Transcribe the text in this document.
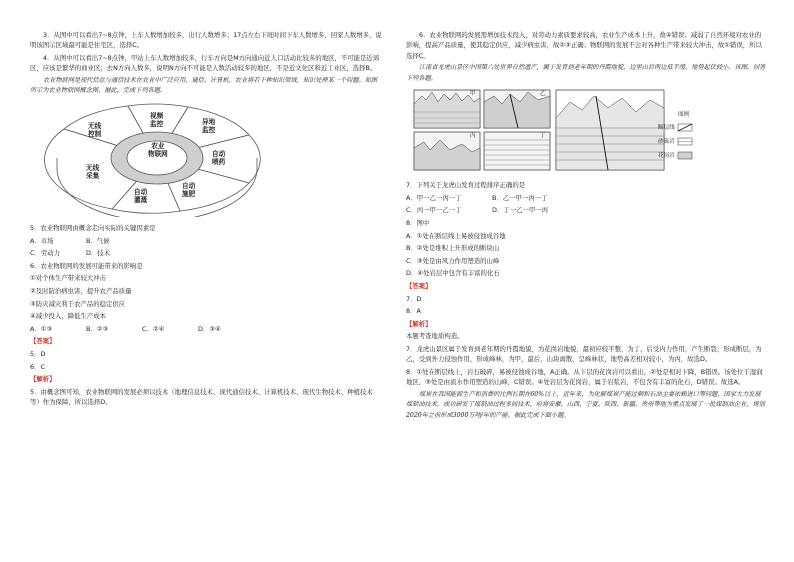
3．从图中可以看出7~8点钟，上车人数增加较多，出行人数增多；17点左右下班时间下车人数增多，回家人数增多，说明该图示区域最可能是住宅区，选择C。

4．从图中可以看出7~8点钟，甲站上车人数增加较多，行车方向是M方向通向近人口活动比较多的地区，不可能是近郊区，应该是繁华的商业区；去N方向人数多，说明N方向不可能是人数活动较多的地区，不是近文化区和近工业区，选择B。

农业物联网是现代信息与通信技术在农业中广泛应用，通信、计算机、农业将若干种知识领域、知识处理某一个问题。如图所示为农业物联网概念图。据此，完成下列各题。

视频
监控	异地
监控
自动
喷药
自动
施肥
自动
灌溉
无线
采集
无线
控制
农业
物联网

5．农业物联网由概念走向实际的关键因素是

A．市场	B．气候
C．劳动力	D．技术

6．农业物联网的发展可能带来的影响是

①对个体生产带来较大冲击

②及时防治病虫害，提升农产品质量

③防灾减灾利于农产品的稳定供应

④减少投入，降低生产成本

A．①③	B．②③	C．②④	D．③④
【答案】

5．D

6．C

【解析】

5．由概念图可知，农业物联网的发展必须以技术（地理信息技术、现代通信技术、计算机技术、现代生物技术、种植技术等）作为保障，所以选择D。

6．农业物联网的发展需增加技术投入，对劳动力素质要求较高，农业生产成本上升，故④错误；减弱了自然环境对农业的影响，提高产品质量，使其稳定供应，减少病虫害，故②③正确；物联网的发展不会对各种生产带来较大冲击，故①错误，所以选择C。

江南省龙虎山景区中国第六处世界自然遗产，属于发育到老年期的丹霞地貌，边里山岩两边低平缓，地势起伏较小。该图。回答下列各题。

甲	乙
丙	丁
图例
断层线
砂砾岩
花岗岩

7．下列关于龙虎山发育过程排序正确的是

A．甲一乙一丙一丁	B．乙一甲一丙一丁
C．丙一甲一乙一丁	D．丁一乙一甲一丙

8．图中

A．①处在断层线上易被侵蚀成谷地

B．②处是堆积上升形成的断块山

C．③处是由风力作用塑造的山峰

D．④处岩层中包含有丰富的化石

【答案】

7．D

8．A

【解析】

本题考查地质构造。

7．龙虎山景区属于发育到老年期的丹霞地貌，为花岗岩地貌，最初应较平整，为丁，后受内力作用，产生断裂，形成断层，为乙，受到外力侵蚀作用，形成峰林，为甲，最后，山块离散，呈峰林状，地势高差相对较小，为丙，故选D。

8．①处在断层线上，岩石破碎，易被侵蚀成谷地，A正确。从下层的花岗岩可以看出，②处是相对下降，B错误。该处位于湿润地区，③处是由流水作用塑造的山峰，C错误。④处岩层为花岗岩，属于岩浆岩，不包含有丰富的化石，D错误。故选A。

煤炭在我国能源生产和消费的比例长期在60%以上，近年来，为化解煤炭产能过剩和石油主要依赖进口等问题，国家大力发展煤制油技术，成功研发了煤制油过程多间技术，府将安徽、山西、宁夏、陕西、新疆、贵州等地为重点发展了一批煤制油企业，规划2020年之前形成3000万吨/年的产能。据此完成下面小题。
